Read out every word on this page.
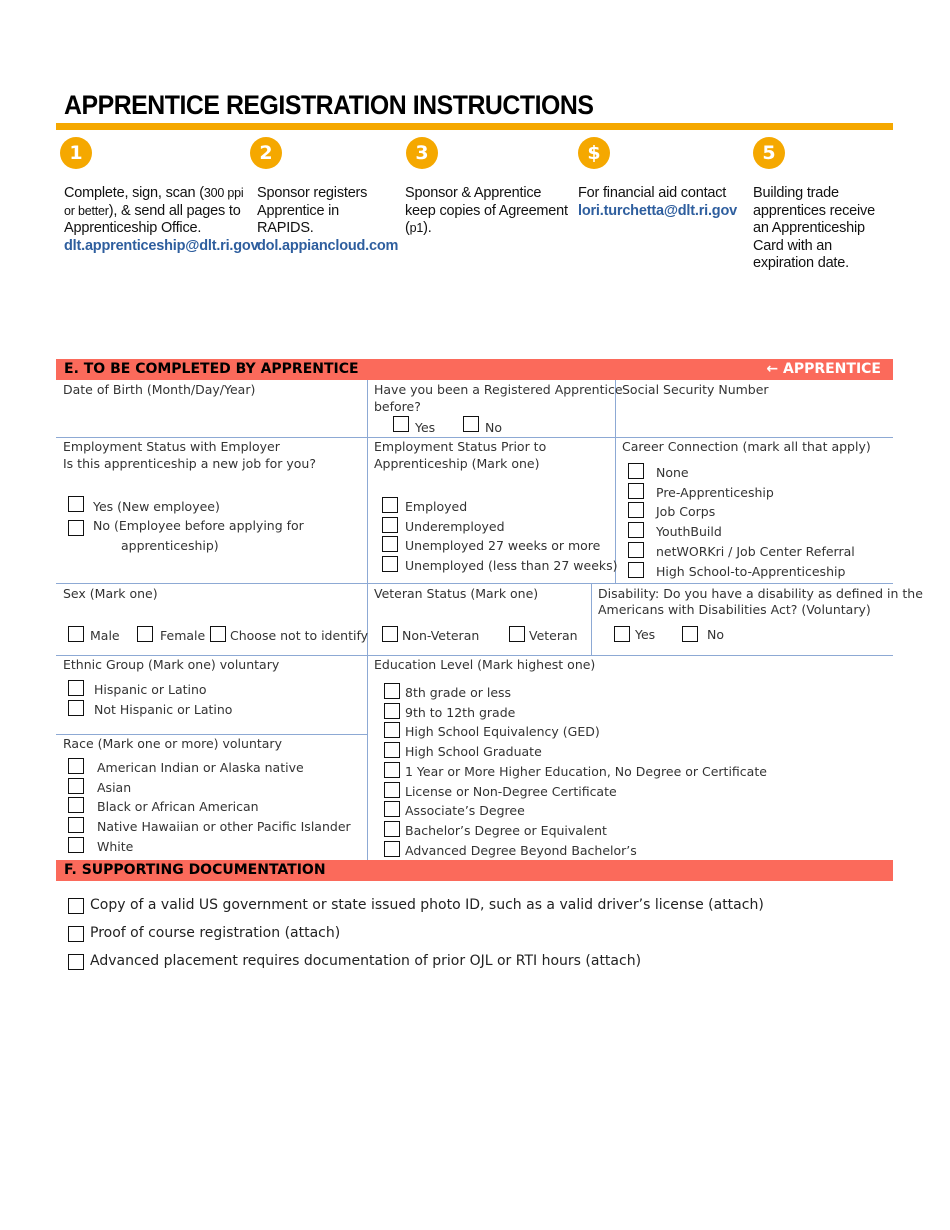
APPRENTICE REGISTRATION INSTRUCTIONS
1
Complete, sign, scan (300 ppi or better), & send all pages to Apprenticeship Office.
dlt.apprenticeship@dlt.ri.gov
2
Sponsor registers Apprentice in RAPIDS.
dol.appiancloud.com
3
Sponsor & Apprentice keep copies of Agreement (p1).
$
For financial aid contact
lori.turchetta@dlt.ri.gov
5
Building trade apprentices receive an Apprenticeship Card with an expiration date.
E. TO BE COMPLETED BY APPRENTICE	← APPRENTICE
Date of Birth (Month/Day/Year)	Have you been a Registered Apprentice
before?
Yes	No
Social Security Number
Employment Status with Employer
Is this apprenticeship a new job for you?
Yes (New employee)
No (Employee before applying for
apprenticeship)
Employment Status Prior to
Apprenticeship (Mark one)
Employed
Underemployed
Unemployed 27 weeks or more
Unemployed (less than 27 weeks)
Career Connection (mark all that apply)
None
Pre-Apprenticeship
Job Corps
YouthBuild
netWORKri / Job Center Referral
High School-to-Apprenticeship
Sex (Mark one)
Male	Female Choose not to identify
Veteran Status (Mark one)
Non-Veteran	Veteran
Disability: Do you have a disability as defined in the
Americans with Disabilities Act? (Voluntary)
Yes	No
Ethnic Group (Mark one) voluntary
Hispanic or Latino
Not Hispanic or Latino
Race (Mark one or more) voluntary
American Indian or Alaska native
Asian
Black or African American
Native Hawaiian or other Pacific Islander
White
Education Level (Mark highest one)
8th grade or less
9th to 12th grade
High School Equivalency (GED)
High School Graduate
1 Year or More Higher Education, No Degree or Certificate
License or Non-Degree Certificate
Associate’s Degree
Bachelor’s Degree or Equivalent
Advanced Degree Beyond Bachelor’s
F. SUPPORTING DOCUMENTATION
Copy of a valid US government or state issued photo ID, such as a valid driver’s license (attach)
Proof of course registration (attach)
Advanced placement requires documentation of prior OJL or RTI hours (attach)
